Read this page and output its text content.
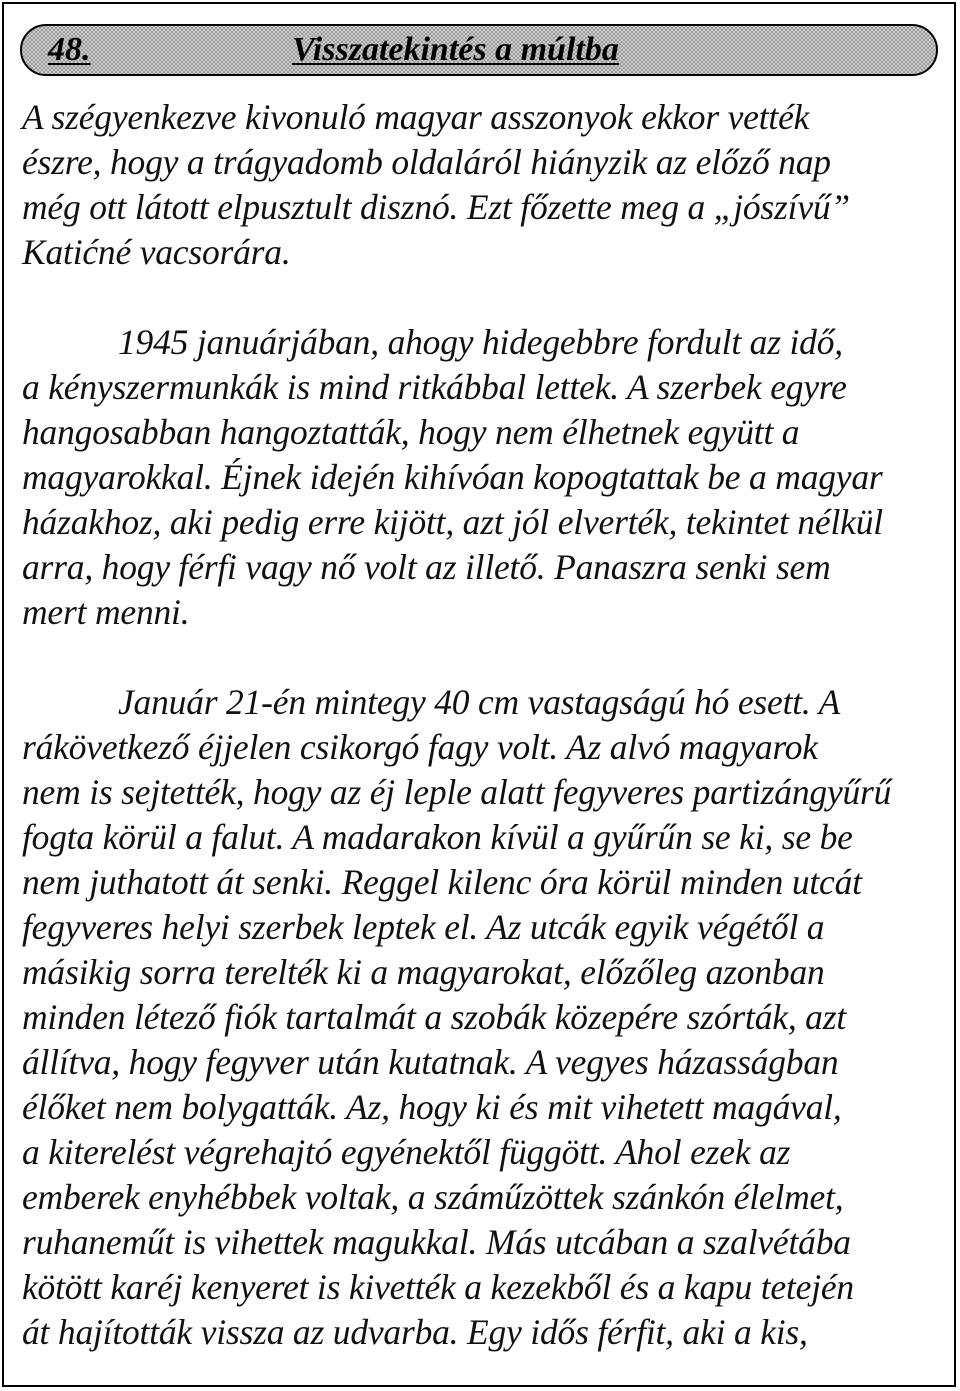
48.	Visszatekintés a múltba

A szégyenkezve kivonuló magyar asszonyok ekkor vették
észre, hogy a trágyadomb oldaláról hiányzik az előző nap
még ott látott elpusztult disznó. Ezt főzette meg a „jószívű”
Katićné vacsorára.

1945 januárjában, ahogy hidegebbre fordult az idő,
a kényszermunkák is mind ritkábbal lettek. A szerbek egyre
hangosabban hangoztatták, hogy nem élhetnek együtt a
magyarokkal. Éjnek idején kihívóan kopogtattak be a magyar
házakhoz, aki pedig erre kijött, azt jól elverték, tekintet nélkül
arra, hogy férfi vagy nő volt az illető. Panaszra senki sem
mert menni.

Január 21-én mintegy 40 cm vastagságú hó esett. A
rákövetkező éjjelen csikorgó fagy volt. Az alvó magyarok
nem is sejtették, hogy az éj leple alatt fegyveres partizángyűrű
fogta körül a falut. A madarakon kívül a gyűrűn se ki, se be
nem juthatott át senki. Reggel kilenc óra körül minden utcát
fegyveres helyi szerbek leptek el. Az utcák egyik végétől a
másikig sorra terelték ki a magyarokat, előzőleg azonban
minden létező fiók tartalmát a szobák közepére szórták, azt
állítva, hogy fegyver után kutatnak. A vegyes házasságban
élőket nem bolygatták. Az, hogy ki és mit vihetett magával,
a kiterelést végrehajtó egyénektől függött. Ahol ezek az
emberek enyhébbek voltak, a száműzöttek szánkón élelmet,
ruhaneműt is vihettek magukkal. Más utcában a szalvétába
kötött karéj kenyeret is kivették a kezekből és a kapu tetején
át hajították vissza az udvarba. Egy idős férfit, aki a kis,
